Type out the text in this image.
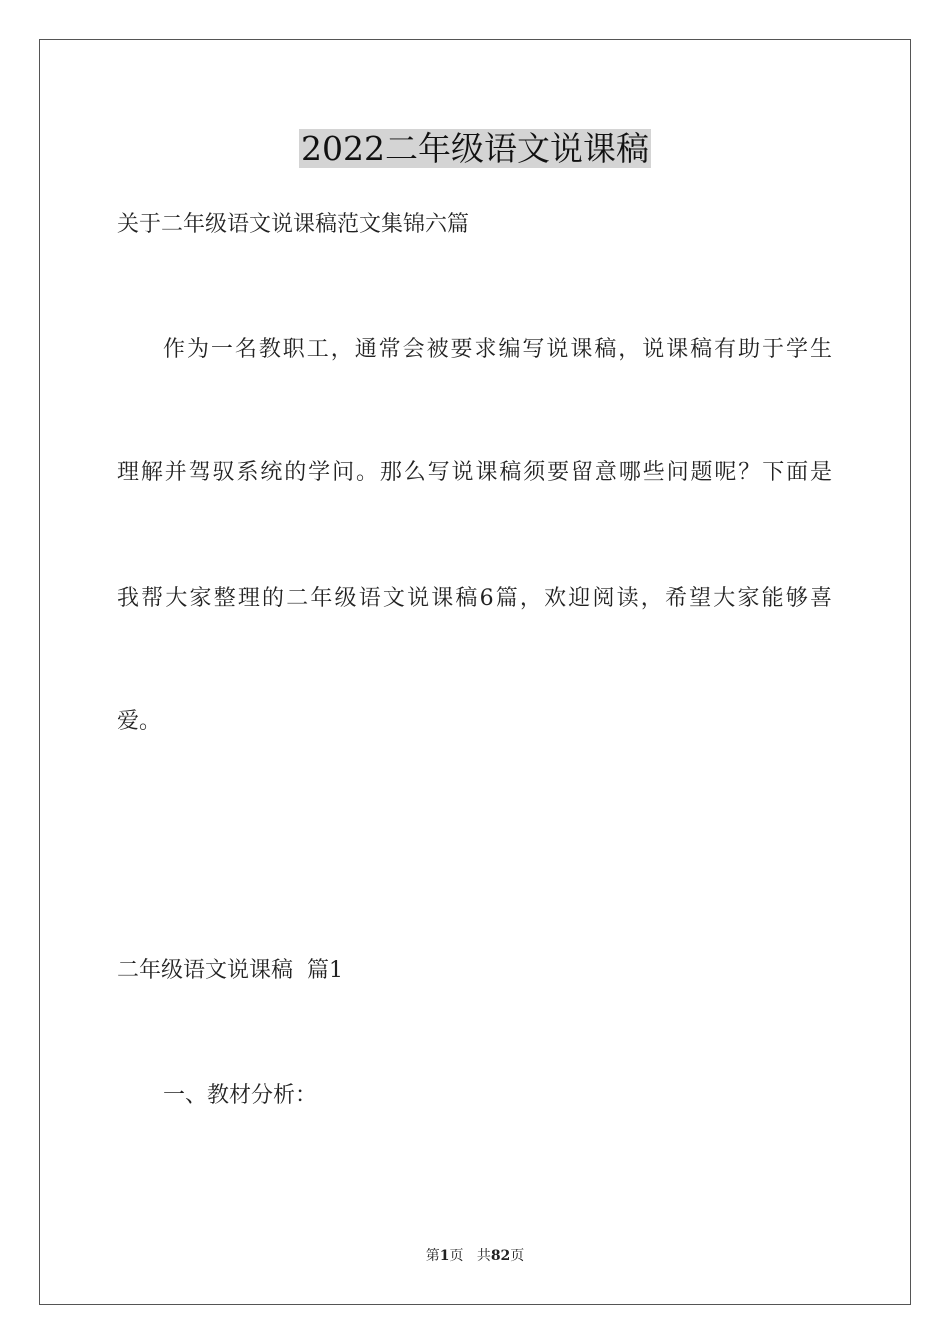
2022二年级语文说课稿
关于二年级语文说课稿范文集锦六篇
作为一名教职工，通常会被要求编写说课稿，说课稿有助于学生
理解并驾驭系统的学问。那么写说课稿须要留意哪些问题呢？下面是
我帮大家整理的二年级语文说课稿6篇，欢迎阅读，希望大家能够喜
爱。
二年级语文说课稿  篇1
一、教材分析：
第1页 共82页
